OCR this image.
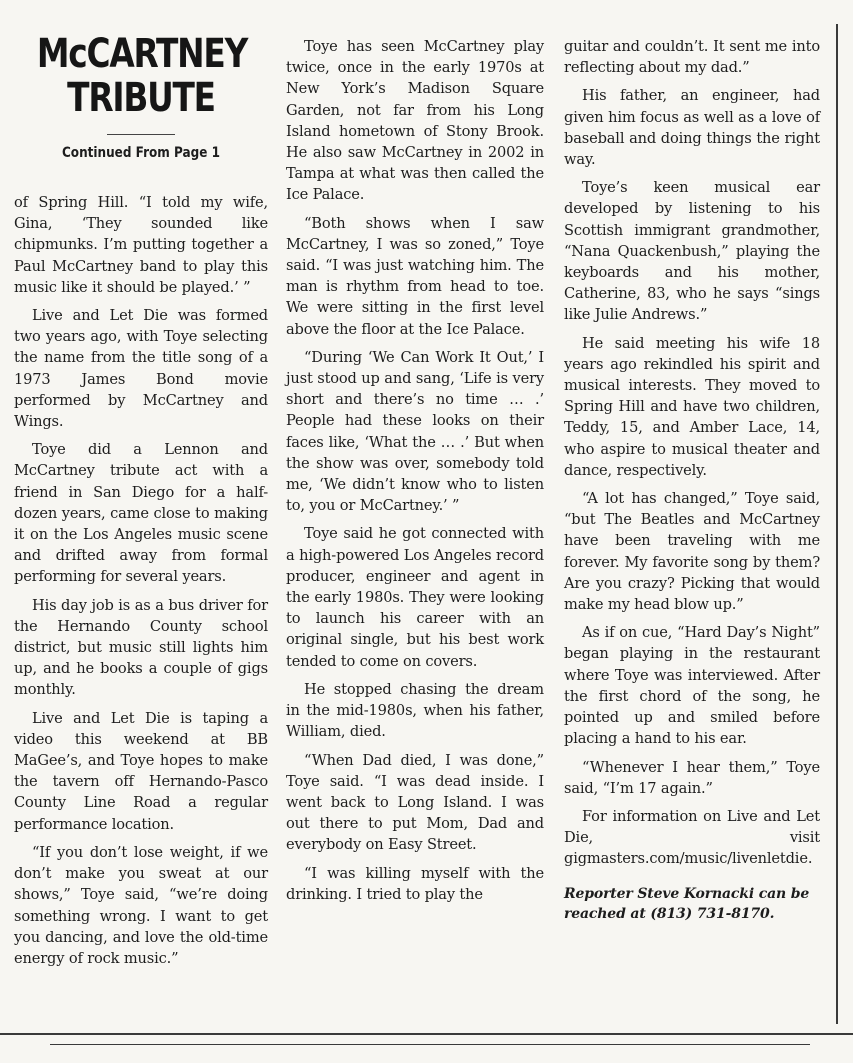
McCARTNEY
TRIBUTE
Continued From Page 1

of Spring Hill. “I told my wife, Gina, ‘They sounded like chipmunks. I’m putting together a Paul McCartney band to play this music like it should be played.’ ”

Live and Let Die was formed two years ago, with Toye selecting the name from the title song of a 1973 James Bond movie performed by McCartney and Wings.

Toye did a Lennon and McCartney tribute act with a friend in San Diego for a half-dozen years, came close to making it on the Los Angeles music scene and drifted away from formal performing for several years.

His day job is as a bus driver for the Hernando County school district, but music still lights him up, and he books a couple of gigs monthly.

Live and Let Die is taping a video this weekend at BB MaGee’s, and Toye hopes to make the tavern off Hernando-Pasco County Line Road a regular performance location.

“If you don’t lose weight, if we don’t make you sweat at our shows,” Toye said, “we’re doing something wrong. I want to get you dancing, and love the old-time energy of rock music.”

Toye has seen McCartney play twice, once in the early 1970s at New York’s Madison Square Garden, not far from his Long Island hometown of Stony Brook. He also saw McCartney in 2002 in Tampa at what was then called the Ice Palace.

“Both shows when I saw McCartney, I was so zoned,” Toye said. “I was just watching him. The man is rhythm from head to toe. We were sitting in the first level above the floor at the Ice Palace.

“During ‘We Can Work It Out,’ I just stood up and sang, ‘Life is very short and there’s no time … .’ People had these looks on their faces like, ‘What the … .’ But when the show was over, somebody told me, ‘We didn’t know who to listen to, you or McCartney.’ ”

Toye said he got connected with a high-powered Los Angeles record producer, engineer and agent in the early 1980s. They were looking to launch his career with an original single, but his best work tended to come on covers.

He stopped chasing the dream in the mid-1980s, when his father, William, died.

“When Dad died, I was done,” Toye said. “I was dead inside. I went back to Long Island. I was out there to put Mom, Dad and everybody on Easy Street.

“I was killing myself with the drinking. I tried to play the

guitar and couldn’t. It sent me into reflecting about my dad.”

His father, an engineer, had given him focus as well as a love of baseball and doing things the right way.

Toye’s keen musical ear developed by listening to his Scottish immigrant grandmother, “Nana Quackenbush,” playing the keyboards and his mother, Catherine, 83, who he says “sings like Julie Andrews.”

He said meeting his wife 18 years ago rekindled his spirit and musical interests. They moved to Spring Hill and have two children, Teddy, 15, and Amber Lace, 14, who aspire to musical theater and dance, respectively.

“A lot has changed,” Toye said, “but The Beatles and McCartney have been traveling with me forever. My favorite song by them? Are you crazy? Picking that would make my head blow up.”

As if on cue, “Hard Day’s Night” began playing in the restaurant where Toye was interviewed. After the first chord of the song, he pointed up and smiled before placing a hand to his ear.

“Whenever I hear them,” Toye said, “I’m 17 again.”

For information on Live and Let Die, visit gigmasters.com/music/livenletdie.

Reporter Steve Kornacki can be reached at (813) 731-8170.
